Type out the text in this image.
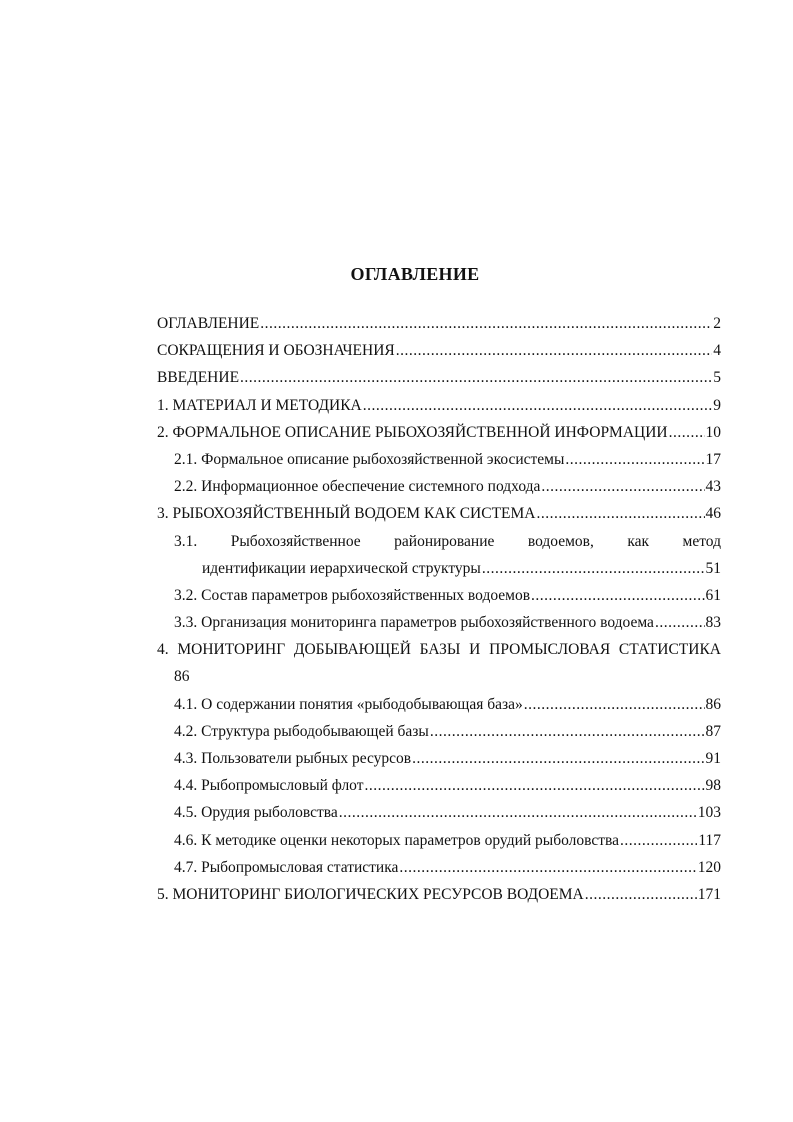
ОГЛАВЛЕНИЕ
ОГЛАВЛЕНИЕ .....	2
СОКРАЩЕНИЯ И ОБОЗНАЧЕНИЯ .....	4
ВВЕДЕНИЕ .....	5
1. МАТЕРИАЛ И МЕТОДИКА .....	9
2. ФОРМАЛЬНОЕ ОПИСАНИЕ РЫБОХОЗЯЙСТВЕННОЙ ИНФОРМАЦИИ ..... 10
2.1. Формальное описание рыбохозяйственной экосистемы .....	17
2.2. Информационное обеспечение системного подхода .....	43
3. РЫБОХОЗЯЙСТВЕННЫЙ ВОДОЕМ КАК СИСТЕМА .....	46
3.1. Рыбохозяйственное районирование водоемов, как метод
идентификации иерархической структуры .....	51
3.2. Состав параметров рыбохозяйственных водоемов .....	61
3.3. Организация мониторинга параметров рыбохозяйственного водоема .....	83
4. МОНИТОРИНГ ДОБЫВАЮЩЕЙ БАЗЫ И ПРОМЫСЛОВАЯ СТАТИСТИКА
86
4.1. О содержании понятия «рыбодобывающая база» .....	86
4.2. Структура рыбодобывающей базы .....	87
4.3. Пользователи рыбных ресурсов .....	91
4.4. Рыбопромысловый флот .....	98
4.5. Орудия рыболовства .....	103
4.6. К методике оценки некоторых параметров орудий рыболовства .....	117
4.7. Рыбопромысловая статистика .....	120
5. МОНИТОРИНГ БИОЛОГИЧЕСКИХ РЕСУРСОВ ВОДОЕМА .....	171
